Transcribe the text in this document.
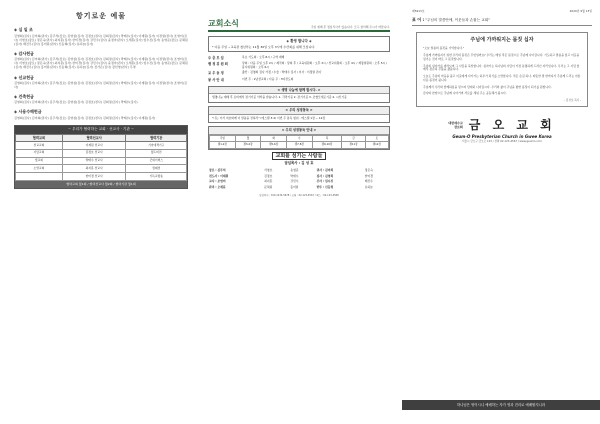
항기로운 예물
◈ 십 일 조

김영희(집사) 김미희(권사) 김주석(장로) 김영섭(집사) 김정호(권사) 김희정(집사) 박태수(집사) 이재원(집사) 이정렬(권사) 조영미(집사) 서영호(장로) 정은숙(권사) 최지훈(집사) 한미경(집사) 강민수(집사) 윤정아(권사) 오세훈(집사) 임수진(집사) 송영준(장로) 문혜린(집사) 배진우(집사) 홍미란(권사) 신동혁(집사) 유하늘(집사)

◈ 감사헌금

김영희(집사) 김미희(권사) 김주석(장로) 김영섭(집사) 김정호(권사) 김희정(집사) 박태수(집사) 이재원(집사) 이정렬(권사) 조영미(집사) 서영호(장로) 정은숙(권사) 최지훈(집사) 한미경(집사) 강민수(집사) 윤정아(권사) 오세훈(집사) 임수진(집사) 송영준(장로) 문혜린(집사) 배진우(집사) 홍미란(권사) 신동혁(집사) 유하늘(집사) 전가은(집사) 장선영(권사) 무명

◈ 선교헌금

김영희(집사) 김미희(권사) 김주석(장로) 김영섭(집사) 김정호(권사) 김희정(집사) 박태수(집사) 이재원(집사) 이정렬(권사) 조영미(집사)

◈ 건축헌금

김영희(집사) 김미희(권사) 김주석(장로) 김영섭(집사) 김정호(권사) 김희정(집사) 박태수(집사)

◈ 사용수해헌금

김영희(집사) 김미희(권사) 김주석(장로) 김영섭(집사) 김정호(권사) 김희정(집사) 박태수(집사) 이재원(집사)

~ 우리가 협력하는 교회 · 선교사 · 기관 ~
협력교회	협력선교사	협력기관
선교교회	이재원 선교사	기아대책기구
사랑교회	김정호 선교사	월드비전
빛교회	박태수 선교사	굿네이버스
소망교회	최지훈 선교사	컴패션
	한미경 선교사	기독교방송
협력교회 월1회 / 협력선교사 월2회 / 협력기관 월1회
교회소식	주일 예배 후 점심식사가 있습니다. 모두 참석해 주시기 바랍니다.
◈ 환영 합니다 ◈
* 다음 주일 ~교육관 청년부는 11월 30일 오후 3시에 수련회를 위해 모입니다.
주 중 모 임	목요 기도회 : 오후 8시 / 구역 예배
행 정 위 원 회	당회 : 다음 주일 오후 2시 / 제직회 : 당회 후 / 교육위원회 : 오후 3시 / 선교위원회 : 오후 4시 / 재정위원회 : 오후 5시 / 봉사위원회 : 오후 6시
교 우 동 정	출산 : 김영희 집사 가정 / 수술 : 박태수 집사 / 이사 : 이정렬 권사
봉 사 안 내	이번 주 : 2남선교회 / 다음 주 : 3여전도회
< 생명 나눔에 함께 합시다. >
생명나눔 예배 후 로비에서 장기기증 서약을 받습니다. 1. 각막기증 2. 장기기증 3. 조혈모세포기증 4. 시신기증
< 우리 성경통독 >
"너는 가서 여호와께 이 말씀을 전하라" (에스겔 3:4) 이번 주 통독 범위 : 에스겔 1장 ~ 12장
< 우리 성경통독 안내 >
주일	월	화	수	목	금	토
겔1-2장	겔3-4장	겔5-6장	겔7-8장	겔9-10장	겔11장	겔12장
교회를 섬기는 사람들
담임목사 : 김 성 호
장로 : 김주석	서영호	송영준	권사 : 김미희	정은숙
전도사 : 이재원	김정호	박태수	집사 : 김영희	한미경
교사 : 조영미	최지훈	강민수	간사 : 임수진	배진우
관리 : 오세훈	문혜린	홍미란	반주 : 신동혁	유하늘
담임목사 : 010-1234-5678 / 교회 : 02-123-4567 / 팩스 : 02-123-4568
제5913호	2020년 9월 13일
표 어 : "주님의 말씀안에, 이웃들과 손잡는 교회"
주님에 가까워지는 몸짓 십자

"오늘 말씀의 몸짓을 기억합니다."

주님께 가까워지기 위한 우리의 몸짓은 무엇일까요? 우리는 매일 작은 몸짓으로 주님께 나아갑니다. 기도하고 말씀을 읽고 이웃을 섬기는 것이 바로 그 몸짓입니다.

주님의 십자가를 바라보며 그 사랑을 묵상합니다. 십자가는 하나님의 사랑이 가장 분명하게 드러난 자리입니다. 우리는 그 사랑 앞에서 겸손히 무릎을 꿇습니다.

오늘도 주님의 마음을 품고 이웃에게 다가가는 하루가 되기를 소망합니다. 작은 손길 하나, 따뜻한 말 한마디가 주님께 드리는 아름다운 몸짓이 됩니다.

주님께서 우리와 함께하심을 믿으며 담대히 나아갑시다. 우리의 삶이 주님을 향한 몸짓이 되기를 원합니다.

감사와 찬양으로 주님께 나아가며 서로를 세워 주는 공동체가 됩시다.

- 김성호 목사 -
대한예수교
장로회 금 오 교 회
Geum-O Presbyterian Church in Gwee Korea
서울시 금오구 금오로 123 / 전화 02-123-4567 / www.geumo.or.kr
하나님은 영이시니 예배하는 자가 영과 진리로 예배할지니라
